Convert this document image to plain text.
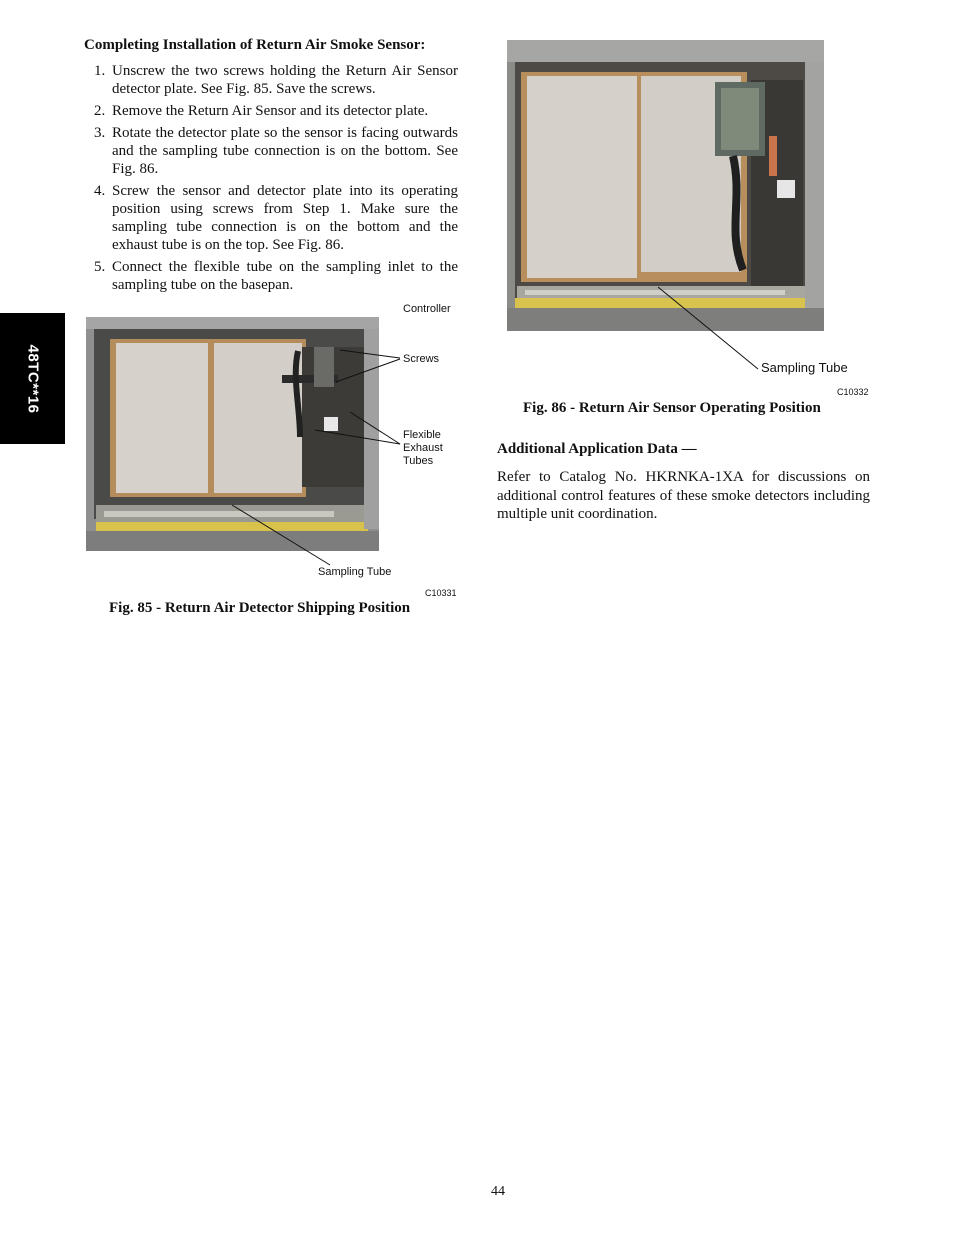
48TC**16
Completing Installation of Return Air Smoke Sensor:
1. Unscrew the two screws holding the Return Air Sensor detector plate. See Fig. 85. Save the screws.
2. Remove the Return Air Sensor and its detector plate.
3. Rotate the detector plate so the sensor is facing outwards and the sampling tube connection is on the bottom. See Fig. 86.
4. Screw the sensor and detector plate into its operating position using screws from Step 1. Make sure the sampling tube connection is on the bottom and the exhaust tube is on the top. See Fig. 86.
5. Connect the flexible tube on the sampling inlet to the sampling tube on the basepan.
Controller
Screws
Flexible
Exhaust
Tubes
Sampling Tube
C10331
Fig. 85 - Return Air Detector Shipping Position
Sampling Tube
C10332
Fig. 86 - Return Air Sensor Operating Position
Additional Application Data —

Refer to Catalog No. HKRNKA-1XA for discussions on additional control features of these smoke detectors including multiple unit coordination.

44
